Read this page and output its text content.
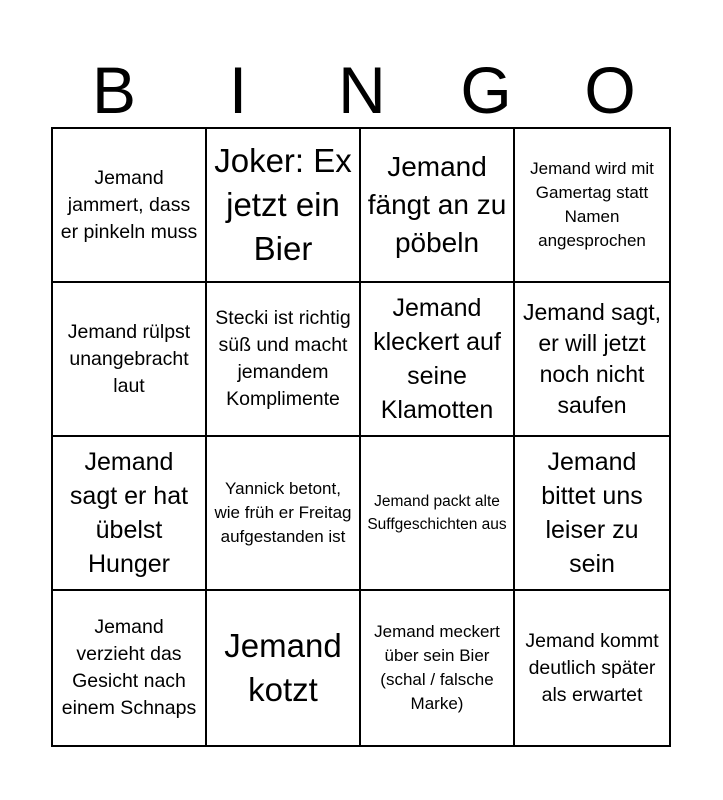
B	I	N	G	O
Jemand jammert, dass er pinkeln muss
Joker: Ex jetzt ein Bier
Jemand fängt an zu pöbeln
Jemand wird mit Gamertag statt Namen angesprochen
Jemand rülpst unangebracht laut
Stecki ist richtig süß und macht jemandem Komplimente
Jemand kleckert auf seine Klamotten
Jemand sagt, er will jetzt noch nicht saufen
Jemand sagt er hat übelst Hunger
Yannick betont, wie früh er Freitag aufgestanden ist
Jemand packt alte Suffgeschichten aus
Jemand bittet uns leiser zu sein
Jemand verzieht das Gesicht nach einem Schnaps
Jemand kotzt
Jemand meckert über sein Bier (schal / falsche Marke)
Jemand kommt deutlich später als erwartet
